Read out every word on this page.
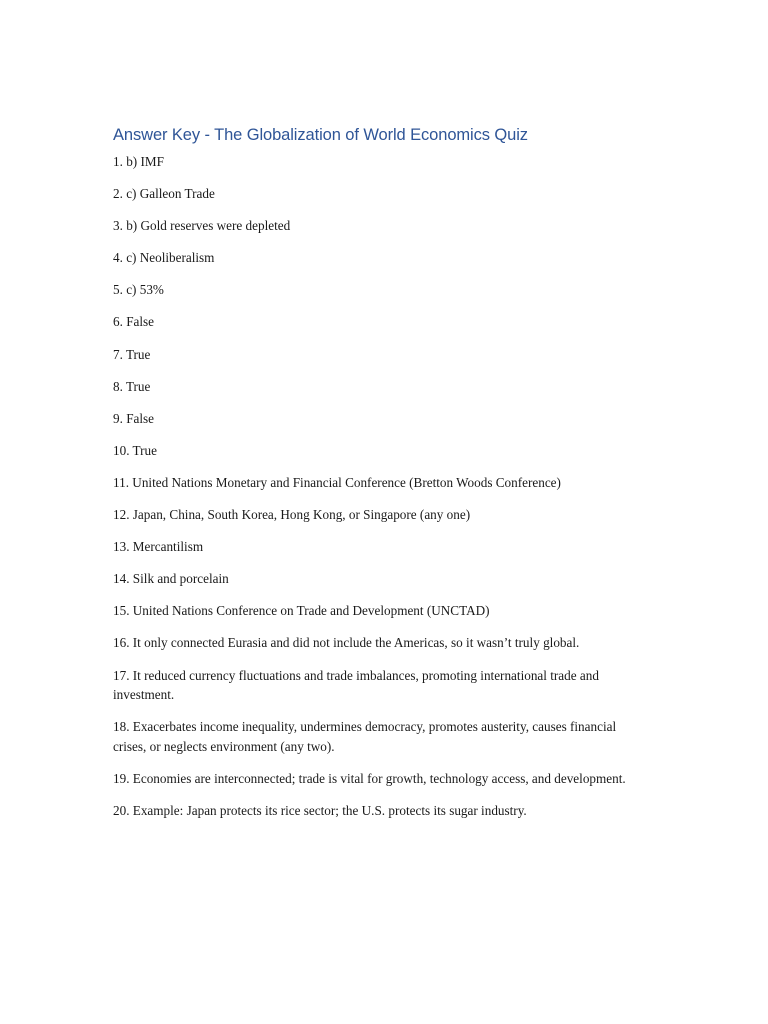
Answer Key - The Globalization of World Economics Quiz

1. b) IMF

2. c) Galleon Trade

3. b) Gold reserves were depleted

4. c) Neoliberalism

5. c) 53%

6. False

7. True

8. True

9. False

10. True

11. United Nations Monetary and Financial Conference (Bretton Woods Conference)

12. Japan, China, South Korea, Hong Kong, or Singapore (any one)

13. Mercantilism

14. Silk and porcelain

15. United Nations Conference on Trade and Development (UNCTAD)

16. It only connected Eurasia and did not include the Americas, so it wasn’t truly global.

17. It reduced currency fluctuations and trade imbalances, promoting international trade and investment.

18. Exacerbates income inequality, undermines democracy, promotes austerity, causes financial crises, or neglects environment (any two).

19. Economies are interconnected; trade is vital for growth, technology access, and development.

20. Example: Japan protects its rice sector; the U.S. protects its sugar industry.
